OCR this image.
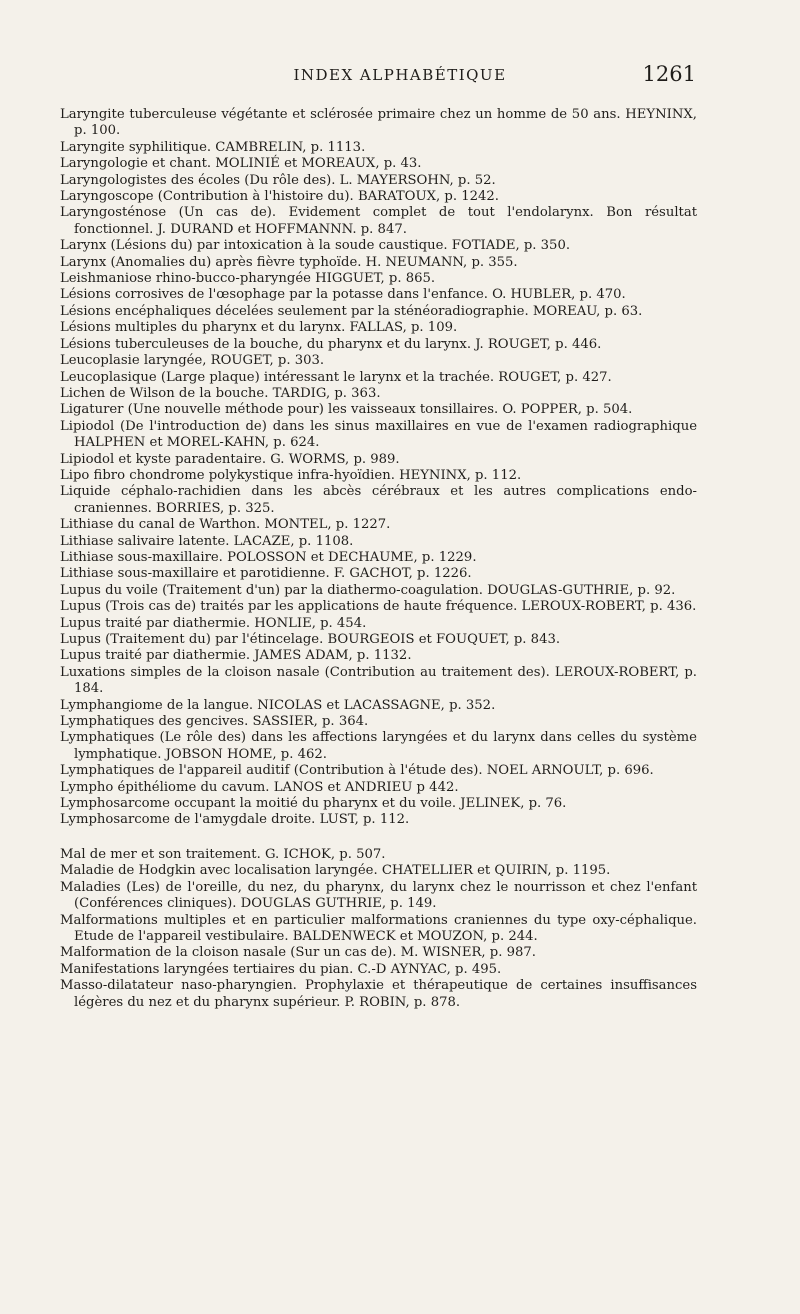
INDEX ALPHABÉTIQUE	1261
Laryngite tuberculeuse végétante et sclérosée primaire chez un homme de 50 ans. HEYNINX, p. 100.
Laryngite syphilitique. CAMBRELIN, p. 1113.
Laryngologie et chant. MOLINIÉ et MOREAUX, p. 43.
Laryngologistes des écoles (Du rôle des). L. MAYERSOHN, p. 52.
Laryngoscope (Contribution à l'histoire du). BARATOUX, p. 1242.
Laryngosténose (Un cas de). Evidement complet de tout l'endolarynx. Bon résultat fonctionnel. J. DURAND et HOFFMANNN. p. 847.
Larynx (Lésions du) par intoxication à la soude caustique. FOTIADE, p. 350.
Larynx (Anomalies du) après fièvre typhoïde. H. NEUMANN, p. 355.
Leishmaniose rhino-bucco-pharyngée HIGGUET, p. 865.
Lésions corrosives de l'œsophage par la potasse dans l'enfance. O. HUBLER, p. 470.
Lésions encéphaliques décelées seulement par la sténéoradiographie. MOREAU, p. 63.
Lésions multiples du pharynx et du larynx. FALLAS, p. 109.
Lésions tuberculeuses de la bouche, du pharynx et du larynx. J. ROUGET, p. 446.
Leucoplasie laryngée, ROUGET, p. 303.
Leucoplasique (Large plaque) intéressant le larynx et la trachée. ROUGET, p. 427.
Lichen de Wilson de la bouche. TARDIG, p. 363.
Ligaturer (Une nouvelle méthode pour) les vaisseaux tonsillaires. O. POPPER, p. 504.
Lipiodol (De l'introduction de) dans les sinus maxillaires en vue de l'examen radiographique HALPHEN et MOREL-KAHN, p. 624.
Lipiodol et kyste paradentaire. G. WORMS, p. 989.
Lipo fibro chondrome polykystique infra-hyoïdien. HEYNINX, p. 112.
Liquide céphalo-rachidien dans les abcès cérébraux et les autres complications endo-craniennes. BORRIES, p. 325.
Lithiase du canal de Warthon. MONTEL, p. 1227.
Lithiase salivaire latente. LACAZE, p. 1108.
Lithiase sous-maxillaire. POLOSSON et DECHAUME, p. 1229.
Lithiase sous-maxillaire et parotidienne. F. GACHOT, p. 1226.
Lupus du voile (Traitement d'un) par la diathermo-coagulation. DOUGLAS-GUTHRIE, p. 92.
Lupus (Trois cas de) traités par les applications de haute fréquence. LEROUX-ROBERT, p. 436.
Lupus traité par diathermie. HONLIE, p. 454.
Lupus (Traitement du) par l'étincelage. BOURGEOIS et FOUQUET, p. 843.
Lupus traité par diathermie. JAMES ADAM, p. 1132.
Luxations simples de la cloison nasale (Contribution au traitement des). LEROUX-ROBERT, p. 184.
Lymphangiome de la langue. NICOLAS et LACASSAGNE, p. 352.
Lymphatiques des gencives. SASSIER, p. 364.
Lymphatiques (Le rôle des) dans les affections laryngées et du larynx dans celles du système lymphatique. JOBSON HOME, p. 462.
Lymphatiques de l'appareil auditif (Contribution à l'étude des). NOEL ARNOULT, p. 696.
Lympho épithéliome du cavum. LANOS et ANDRIEU p 442.
Lymphosarcome occupant la moitié du pharynx et du voile. JELINEK, p. 76.
Lymphosarcome de l'amygdale droite. LUST, p. 112.
Mal de mer et son traitement. G. ICHOK, p. 507.
Maladie de Hodgkin avec localisation laryngée. CHATELLIER et QUIRIN, p. 1195.
Maladies (Les) de l'oreille, du nez, du pharynx, du larynx chez le nourrisson et chez l'enfant (Conférences cliniques). DOUGLAS GUTHRIE, p. 149.
Malformations multiples et en particulier malformations craniennes du type oxy-céphalique. Etude de l'appareil vestibulaire. BALDENWECK et MOUZON, p. 244.
Malformation de la cloison nasale (Sur un cas de). M. WISNER, p. 987.
Manifestations laryngées tertiaires du pian. C.-D AYNYAC, p. 495.
Masso-dilatateur naso-pharyngien. Prophylaxie et thérapeutique de certaines insuffisances légères du nez et du pharynx supérieur. P. ROBIN, p. 878.
